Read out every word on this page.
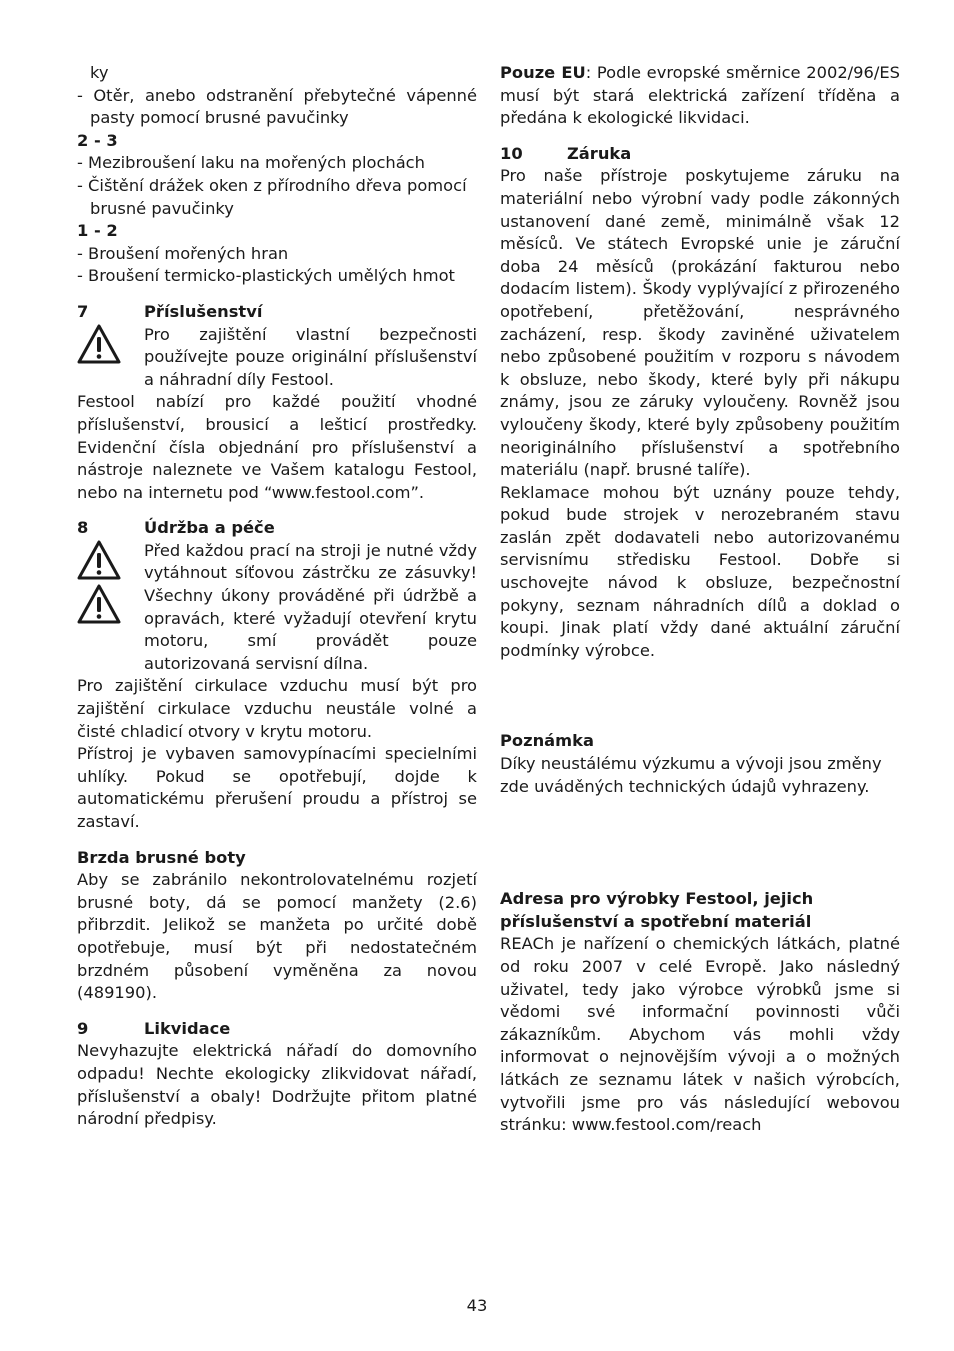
ky

- Otěr, anebo odstranění přebytečné vápenné pasty pomocí brusné pavučinky

2 - 3

- Mezibroušení laku na mořených plochách

- Čištění drážek oken z přírodního dřeva pomocí brusné pavučinky

1 - 2

- Broušení mořených hran

- Broušení termicko-plastických umělých hmot

7	Příslušenství

Pro zajištění vlastní bezpečnosti používejte pouze originální příslušenství a náhradní díly Festool.

Festool nabízí pro každé použití vhodné příslušenství, brousicí a lešticí prostředky. Evidenční čísla objednání pro příslušenství a nástroje naleznete ve Vašem katalogu Festool, nebo na internetu pod “www.festool.com”.

8	Údržba a péče

Před každou prací na stroji je nutné vždy vytáhnout síťovou zástrčku ze zásuvky! Všechny úkony prováděné při údržbě a opravách, které vyžadují otevření krytu motoru, smí provádět pouze autorizovaná servisní dílna.

Pro zajištění cirkulace vzduchu musí být pro zajištění cirkulace vzduchu neustále volné a čisté chladicí otvory v krytu motoru.

Přístroj je vybaven samovypínacími specielními uhlíky. Pokud se opotřebují, dojde k automatickému přerušení proudu a přístroj se zastaví.

Brzda brusné boty

Aby se zabránilo nekontrolovatelnému rozjetí brusné boty, dá se pomocí manžety (2.6) přibrzdit. Jelikož se manžeta po určité době opotřebuje, musí být při nedostatečném brzdném působení vyměněna za novou (489190).

9	Likvidace

Nevyhazujte elektrická nářadí do domovního odpadu! Nechte ekologicky zlikvidovat nářadí, příslušenství a obaly! Dodržujte přitom platné národní předpisy.

Pouze EU: Podle evropské směrnice 2002/96/ES musí být stará elektrická zařízení tříděna a předána k ekologické likvidaci.

10	Záruka

Pro naše přístroje poskytujeme záruku na materiální nebo výrobní vady podle zákonných ustanovení dané země, minimálně však 12 měsíců. Ve státech Evropské unie je záruční doba 24 měsíců (prokázání fakturou nebo dodacím listem). Škody vyplývající z přirozeného opotřebení, přetěžování, nesprávného zacházení, resp. škody zaviněné uživatelem nebo způsobené použitím v rozporu s návodem k obsluze, nebo škody, které byly při nákupu známy, jsou ze záruky vyloučeny. Rovněž jsou vyloučeny škody, které byly způsobeny použitím neoriginálního příslušenství a spotřebního materiálu (např. brusné talíře).

Reklamace mohou být uznány pouze tehdy, pokud bude strojek v nerozebraném stavu zaslán zpět dodavateli nebo autorizovanému servisnímu středisku Festool. Dobře si uschovejte návod k obsluze, bezpečnostní pokyny, seznam náhradních dílů a doklad o koupi. Jinak platí vždy dané aktuální záruční podmínky výrobce.

Poznámka

Díky neustálému výzkumu a vývoji jsou změny zde uváděných technických údajů vyhrazeny.

Adresa pro výrobky Festool, jejich příslušenství a spotřební materiál

REACh je nařízení o chemických látkách, platné od roku 2007 v celé Evropě. Jako následný uživatel, tedy jako výrobce výrobků jsme si vědomi své informační povinnosti vůči zákazníkům. Abychom vás mohli vždy informovat o nejnovějším vývoji a o možných látkách ze seznamu látek v našich výrobcích, vytvořili jsme pro vás následující webovou stránku: www.festool.com/reach

43
